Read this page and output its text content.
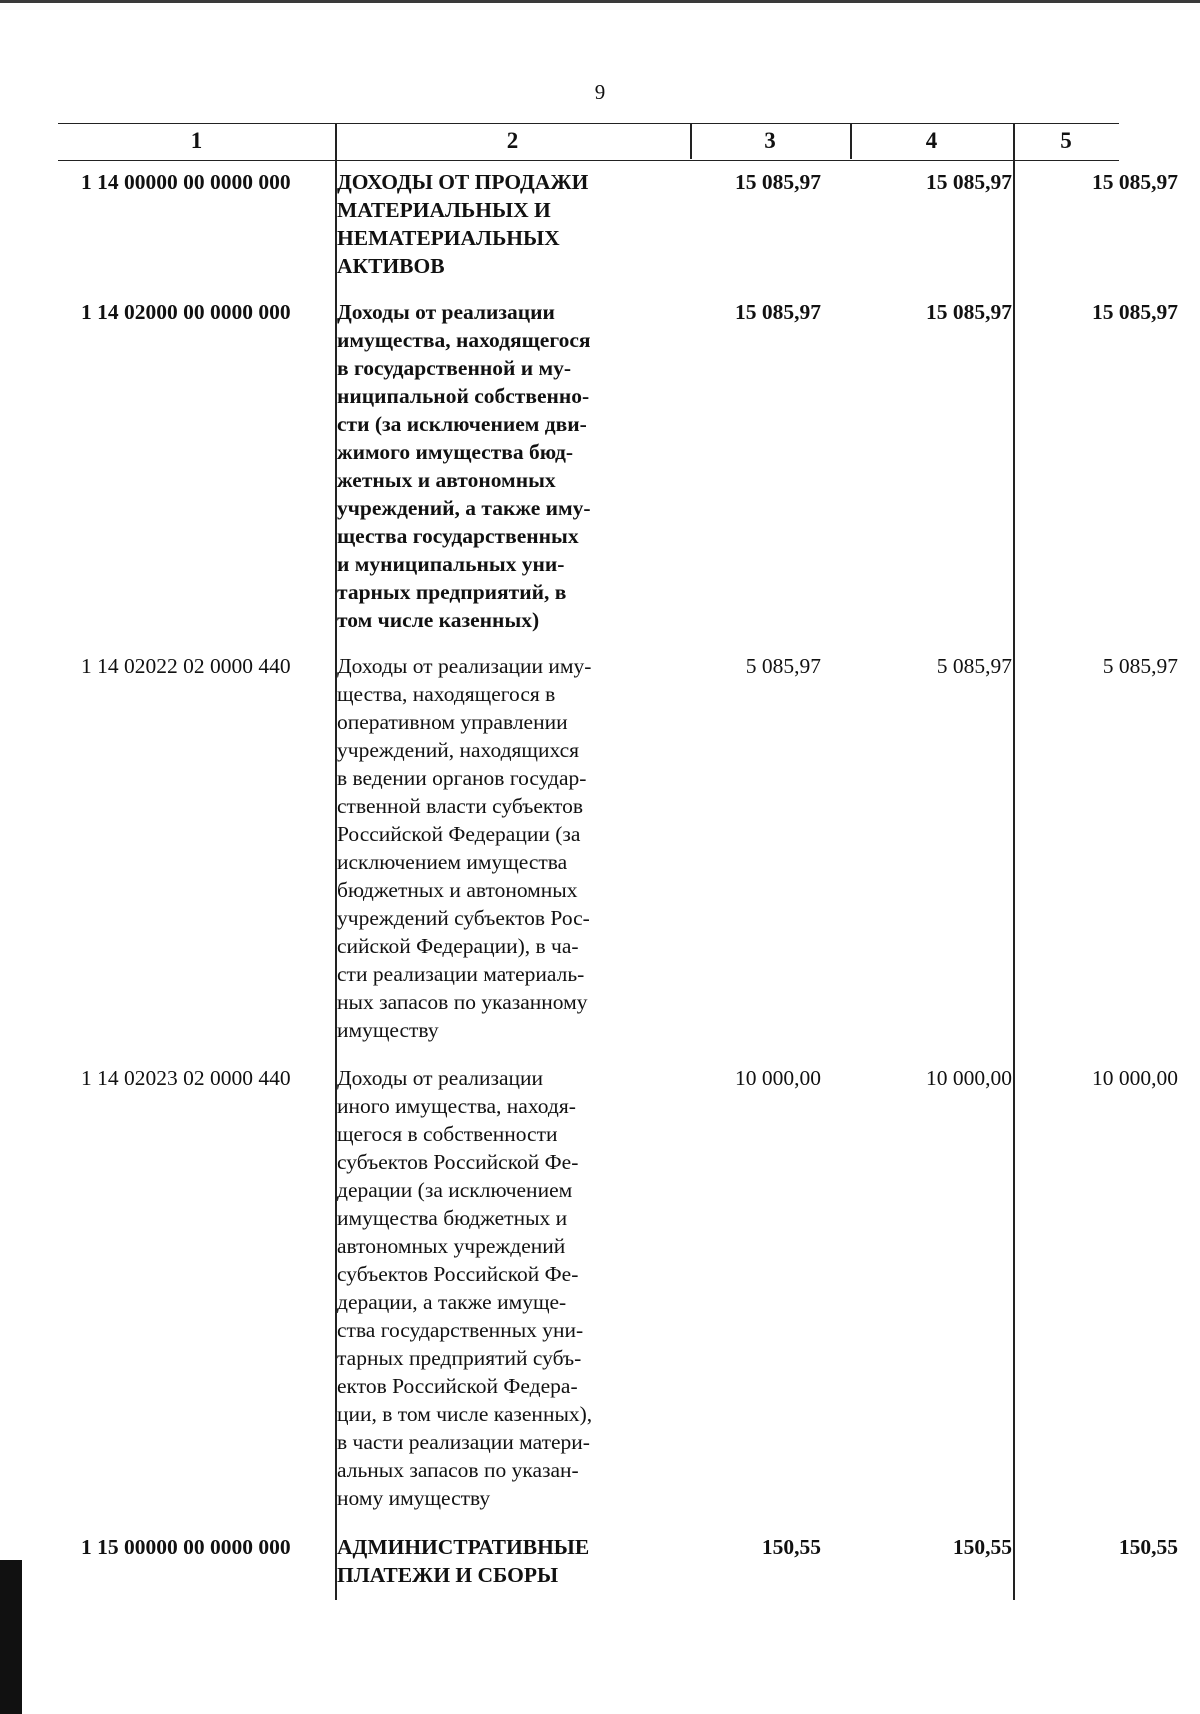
9
1	2	3	4	5
1 14 00000 00 0000 000	ДОХОДЫ ОТ ПРОДАЖИ
МАТЕРИАЛЬНЫХ И
НЕМАТЕРИАЛЬНЫХ
АКТИВОВ
15 085,97	15 085,97	15 085,97
1 14 02000 00 0000 000	Доходы от реализации
имущества, находящегося
в государственной и му-
ниципальной собственно-
сти (за исключением дви-
жимого имущества бюд-
жетных и автономных
учреждений, а также иму-
щества государственных
и муниципальных уни-
тарных предприятий, в
том числе казенных)
15 085,97	15 085,97	15 085,97
1 14 02022 02 0000 440	Доходы от реализации иму-
щества, находящегося в
оперативном управлении
учреждений, находящихся
в ведении органов государ-
ственной власти субъектов
Российской Федерации (за
исключением имущества
бюджетных и автономных
учреждений субъектов Рос-
сийской Федерации), в ча-
сти реализации материаль-
ных запасов по указанному
имуществу
5 085,97	5 085,97	5 085,97
1 14 02023 02 0000 440	Доходы от реализации
иного имущества, находя-
щегося в собственности
субъектов Российской Фе-
дерации (за исключением
имущества бюджетных и
автономных учреждений
субъектов Российской Фе-
дерации, а также имуще-
ства государственных уни-
тарных предприятий субъ-
ектов Российской Федера-
ции, в том числе казенных),
в части реализации матери-
альных запасов по указан-
ному имуществу
10 000,00	10 000,00	10 000,00
1 15 00000 00 0000 000	АДМИНИСТРАТИВНЫЕ
ПЛАТЕЖИ И СБОРЫ
150,55	150,55	150,55
